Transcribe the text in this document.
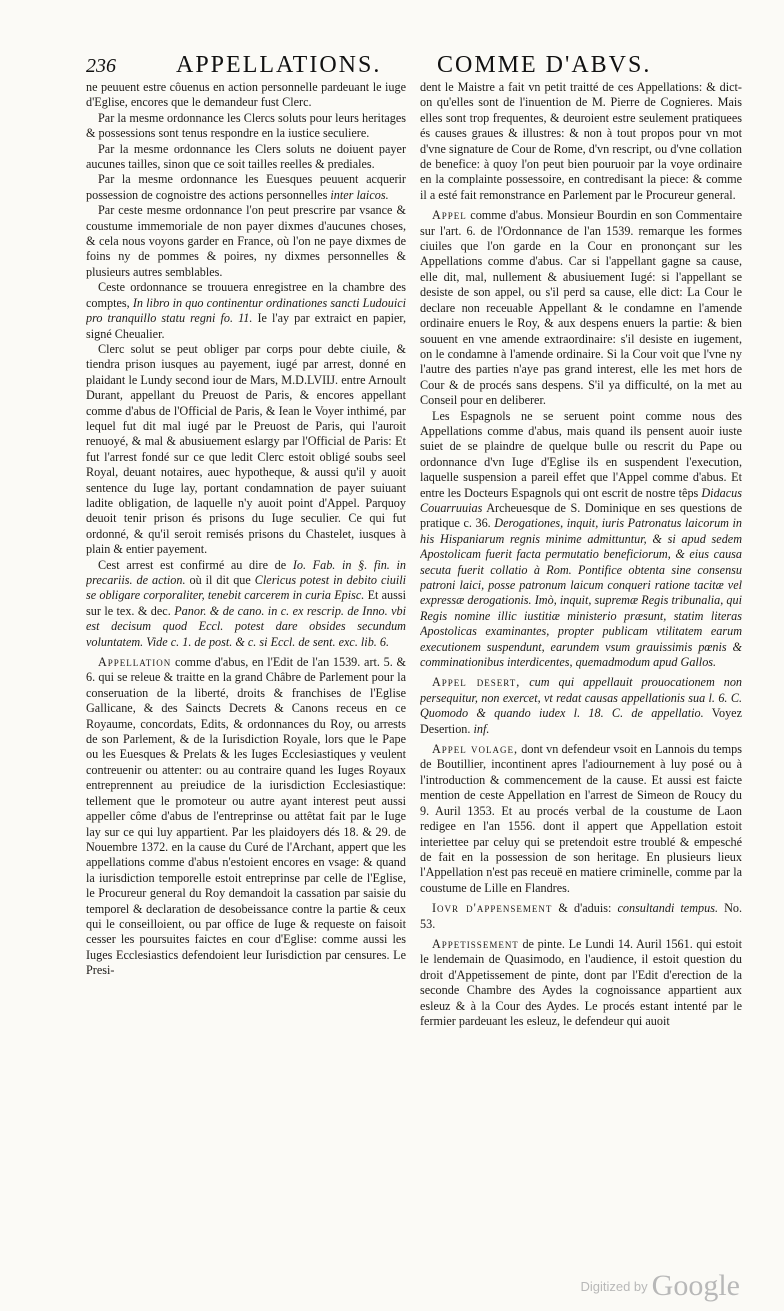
236	APPELLATIONS. COMME D'ABVS.

ne peuuent estre côuenus en action personnelle pardeuant le iuge d'Eglise, encores que le demandeur fust Clerc.

Par la mesme ordonnance les Clercs soluts pour leurs heritages & possessions sont tenus respondre en la iustice seculiere.

Par la mesme ordonnance les Clers soluts ne doiuent payer aucunes tailles, sinon que ce soit tailles reelles & prediales.

Par la mesme ordonnance les Euesques peuuent acquerir possession de cognoistre des actions personnelles inter laicos.

Par ceste mesme ordonnance l'on peut prescrire par vsance & coustume immemoriale de non payer dixmes d'aucunes choses, & cela nous voyons garder en France, où l'on ne paye dixmes de foins ny de pommes & poires, ny dixmes personnelles & plusieurs autres semblables.

Ceste ordonnance se trouuera enregistree en la chambre des comptes, In libro in quo continentur ordinationes sancti Ludouici pro tranquillo statu regni fo. 11. Ie l'ay par extraict en papier, signé Cheualier.

Clerc solut se peut obliger par corps pour debte ciuile, & tiendra prison iusques au payement, iugé par arrest, donné en plaidant le Lundy second iour de Mars, M.D.LVIIJ. entre Arnoult Durant, appellant du Preuost de Paris, & encores appellant comme d'abus de l'Official de Paris, & Iean le Voyer inthimé, par lequel fut dit mal iugé par le Preuost de Paris, qui l'auroit renuoyé, & mal & abusiuement eslargy par l'Official de Paris: Et fut l'arrest fondé sur ce que ledit Clerc estoit obligé soubs seel Royal, deuant notaires, auec hypotheque, & aussi qu'il y auoit sentence du Iuge lay, portant condamnation de payer suiuant ladite obligation, de laquelle n'y auoit point d'Appel. Parquoy deuoit tenir prison és prisons du Iuge seculier. Ce qui fut ordonné, & qu'il seroit remisés prisons du Chastelet, iusques à plain & entier payement.

Cest arrest est confirmé au dire de Io. Fab. in §. fin. in precariis. de action. où il dit que Clericus potest in debito ciuili se obligare corporaliter, tenebit carcerem in curia Episc. Et aussi sur le tex. & dec. Panor. & de cano. in c. ex rescrip. de Inno. vbi est decisum quod Eccl. potest dare obsides secundum voluntatem. Vide c. 1. de post. & c. si Eccl. de sent. exc. lib. 6.

Appellation comme d'abus, en l'Edit de l'an 1539. art. 5. & 6. qui se releue & traitte en la grand Châbre de Parlement pour la conseruation de la liberté, droits & franchises de l'Eglise Gallicane, & des Saincts Decrets & Canons receus en ce Royaume, concordats, Edits, & ordonnances du Roy, ou arrests de son Parlement, & de la Iurisdiction Royale, lors que le Pape ou les Euesques & Prelats & les Iuges Ecclesiastiques y veulent contreuenir ou attenter: ou au contraire quand les Iuges Royaux entreprennent au preiudice de la iurisdiction Ecclesiastique: tellement que le promoteur ou autre ayant interest peut aussi appeller côme d'abus de l'entreprinse ou attêtat fait par le Iuge lay sur ce qui luy appartient. Par les plaidoyers dés 18. & 29. de Nouembre 1372. en la cause du Curé de l'Archant, appert que les appellations comme d'abus n'estoient encores en vsage: & quand la iurisdiction temporelle estoit entreprinse par celle de l'Eglise, le Procureur general du Roy demandoit la cassation par saisie du temporel & declaration de desobeissance contre la partie & ceux qui le conseilloient, ou par office de Iuge & requeste on faisoit cesser les poursuites faictes en cour d'Eglise: comme aussi les Iuges Ecclesiastics defendoient leur Iurisdiction par censures. Le Presi-

dent le Maistre a fait vn petit traitté de ces Appellations: & dict-on qu'elles sont de l'inuention de M. Pierre de Cognieres. Mais elles sont trop frequentes, & deuroient estre seulement pratiquees és causes graues & illustres: & non à tout propos pour vn mot d'vne signature de Cour de Rome, d'vn rescript, ou d'vne collation de benefice: à quoy l'on peut bien pouruoir par la voye ordinaire en la complainte possessoire, en contredisant la piece: & comme il a esté fait remonstrance en Parlement par le Procureur general.

Appel comme d'abus. Monsieur Bourdin en son Commentaire sur l'art. 6. de l'Ordonnance de l'an 1539. remarque les formes ciuiles que l'on garde en la Cour en prononçant sur les Appellations comme d'abus. Car si l'appellant gagne sa cause, elle dit, mal, nullement & abusiuement Iugé: si l'appellant se desiste de son appel, ou s'il perd sa cause, elle dict: La Cour le declare non receuable Appellant & le condamne en l'amende ordinaire enuers le Roy, & aux despens enuers la partie: & bien souuent en vne amende extraordinaire: s'il desiste en iugement, on le condamne à l'amende ordinaire. Si la Cour voit que l'vne ny l'autre des parties n'aye pas grand interest, elle les met hors de Cour & de procés sans despens. S'il ya difficulté, on la met au Conseil pour en deliberer.

Les Espagnols ne se seruent point comme nous des Appellations comme d'abus, mais quand ils pensent auoir iuste suiet de se plaindre de quelque bulle ou rescrit du Pape ou ordonnance d'vn Iuge d'Eglise ils en suspendent l'execution, laquelle suspension a pareil effet que l'Appel comme d'abus. Et entre les Docteurs Espagnols qui ont escrit de nostre têps Didacus Couarruuias Archeuesque de S. Dominique en ses questions de pratique c. 36. Derogationes, inquit, iuris Patronatus laicorum in his Hispaniarum regnis minime admittuntur, & si apud sedem Apostolicam fuerit facta permutatio beneficiorum, & eius causa secuta fuerit collatio à Rom. Pontifice obtenta sine consensu patroni laici, posse patronum laicum conqueri ratione tacitæ vel expressæ derogationis. Imò, inquit, supremæ Regis tribunalia, qui Regis nomine illic iustitiæ ministerio præsunt, statim literas Apostolicas examinantes, propter publicam vtilitatem earum executionem suspendunt, earundem vsum grauissimis pœnis & comminationibus interdicentes, quemadmodum apud Gallos.

Appel desert, cum qui appellauit prouocationem non persequitur, non exercet, vt redat causas appellationis sua l. 6. C. Quomodo & quando iudex l. 18. C. de appellatio. Voyez Desertion. inf.

Appel volage, dont vn defendeur vsoit en Lannois du temps de Boutillier, incontinent apres l'adiournement à luy posé ou à l'introduction & commencement de la cause. Et aussi est faicte mention de ceste Appellation en l'arrest de Simeon de Roucy du 9. Auril 1353. Et au procés verbal de la coustume de Laon redigee en l'an 1556. dont il appert que Appellation estoit interiettee par celuy qui se pretendoit estre troublé & empesché de fait en la possession de son heritage. En plusieurs lieux l'Appellation n'est pas receuë en matiere criminelle, comme par la coustume de Lille en Flandres.

Iovr d'appensement & d'aduis: consultandi tempus. No. 53.

Appetissement de pinte. Le Lundi 14. Auril 1561. qui estoit le lendemain de Quasimodo, en l'audience, il estoit question du droit d'Appetissement de pinte, dont par l'Edit d'erection de la seconde Chambre des Aydes la cognoissance appartient aux esleuz & à la Cour des Aydes. Le procés estant intenté par le fermier pardeuant les esleuz, le defendeur qui auoit

$^{Digitized by}$ Google
